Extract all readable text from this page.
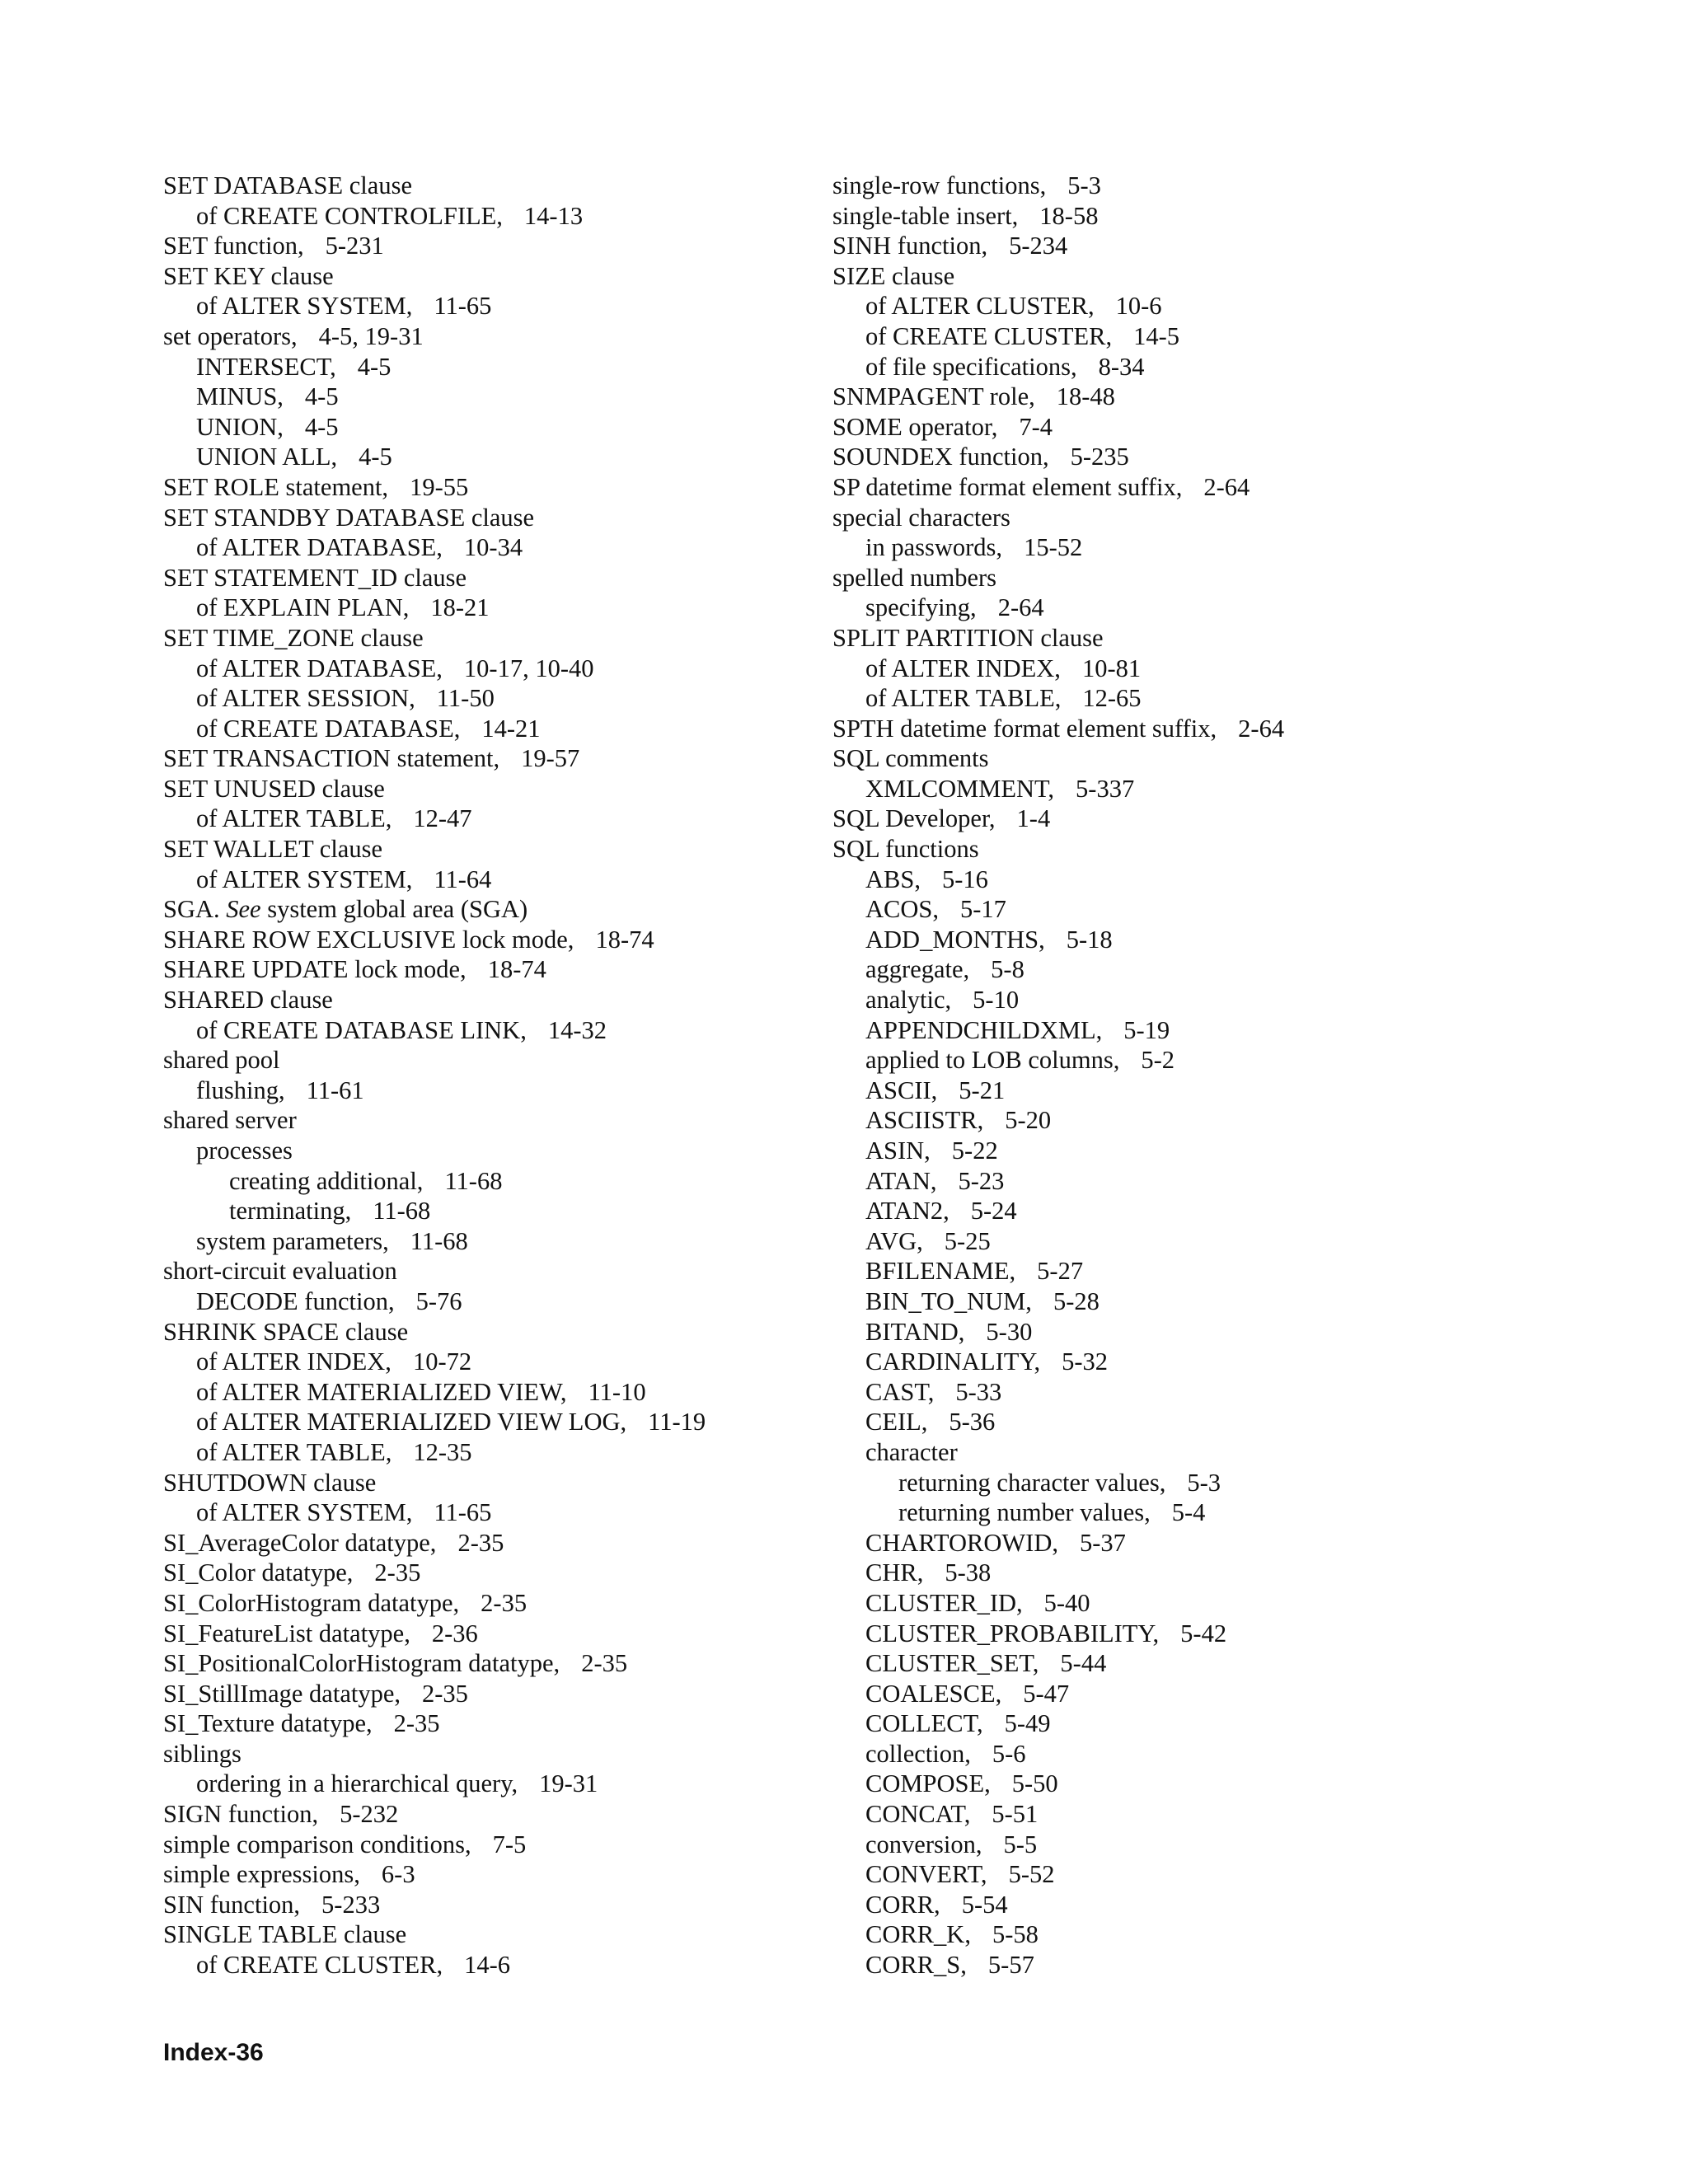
SET DATABASE clause
of CREATE CONTROLFILE, 14-13
SET function, 5-231
SET KEY clause
of ALTER SYSTEM, 11-65
set operators, 4-5, 19-31
INTERSECT, 4-5
MINUS, 4-5
UNION, 4-5
UNION ALL, 4-5
SET ROLE statement, 19-55
SET STANDBY DATABASE clause
of ALTER DATABASE, 10-34
SET STATEMENT_ID clause
of EXPLAIN PLAN, 18-21
SET TIME_ZONE clause
of ALTER DATABASE, 10-17, 10-40
of ALTER SESSION, 11-50
of CREATE DATABASE, 14-21
SET TRANSACTION statement, 19-57
SET UNUSED clause
of ALTER TABLE, 12-47
SET WALLET clause
of ALTER SYSTEM, 11-64
SGA. See system global area (SGA)
SHARE ROW EXCLUSIVE lock mode, 18-74
SHARE UPDATE lock mode, 18-74
SHARED clause
of CREATE DATABASE LINK, 14-32
shared pool
flushing, 11-61
shared server
processes
creating additional, 11-68
terminating, 11-68
system parameters, 11-68
short-circuit evaluation
DECODE function, 5-76
SHRINK SPACE clause
of ALTER INDEX, 10-72
of ALTER MATERIALIZED VIEW, 11-10
of ALTER MATERIALIZED VIEW LOG, 11-19
of ALTER TABLE, 12-35
SHUTDOWN clause
of ALTER SYSTEM, 11-65
SI_AverageColor datatype, 2-35
SI_Color datatype, 2-35
SI_ColorHistogram datatype, 2-35
SI_FeatureList datatype, 2-36
SI_PositionalColorHistogram datatype, 2-35
SI_StillImage datatype, 2-35
SI_Texture datatype, 2-35
siblings
ordering in a hierarchical query, 19-31
SIGN function, 5-232
simple comparison conditions, 7-5
simple expressions, 6-3
SIN function, 5-233
SINGLE TABLE clause
of CREATE CLUSTER, 14-6
single-row functions, 5-3
single-table insert, 18-58
SINH function, 5-234
SIZE clause
of ALTER CLUSTER, 10-6
of CREATE CLUSTER, 14-5
of file specifications, 8-34
SNMPAGENT role, 18-48
SOME operator, 7-4
SOUNDEX function, 5-235
SP datetime format element suffix, 2-64
special characters
in passwords, 15-52
spelled numbers
specifying, 2-64
SPLIT PARTITION clause
of ALTER INDEX, 10-81
of ALTER TABLE, 12-65
SPTH datetime format element suffix, 2-64
SQL comments
XMLCOMMENT, 5-337
SQL Developer, 1-4
SQL functions
ABS, 5-16
ACOS, 5-17
ADD_MONTHS, 5-18
aggregate, 5-8
analytic, 5-10
APPENDCHILDXML, 5-19
applied to LOB columns, 5-2
ASCII, 5-21
ASCIISTR, 5-20
ASIN, 5-22
ATAN, 5-23
ATAN2, 5-24
AVG, 5-25
BFILENAME, 5-27
BIN_TO_NUM, 5-28
BITAND, 5-30
CARDINALITY, 5-32
CAST, 5-33
CEIL, 5-36
character
returning character values, 5-3
returning number values, 5-4
CHARTOROWID, 5-37
CHR, 5-38
CLUSTER_ID, 5-40
CLUSTER_PROBABILITY, 5-42
CLUSTER_SET, 5-44
COALESCE, 5-47
COLLECT, 5-49
collection, 5-6
COMPOSE, 5-50
CONCAT, 5-51
conversion, 5-5
CONVERT, 5-52
CORR, 5-54
CORR_K, 5-58
CORR_S, 5-57
Index-36
